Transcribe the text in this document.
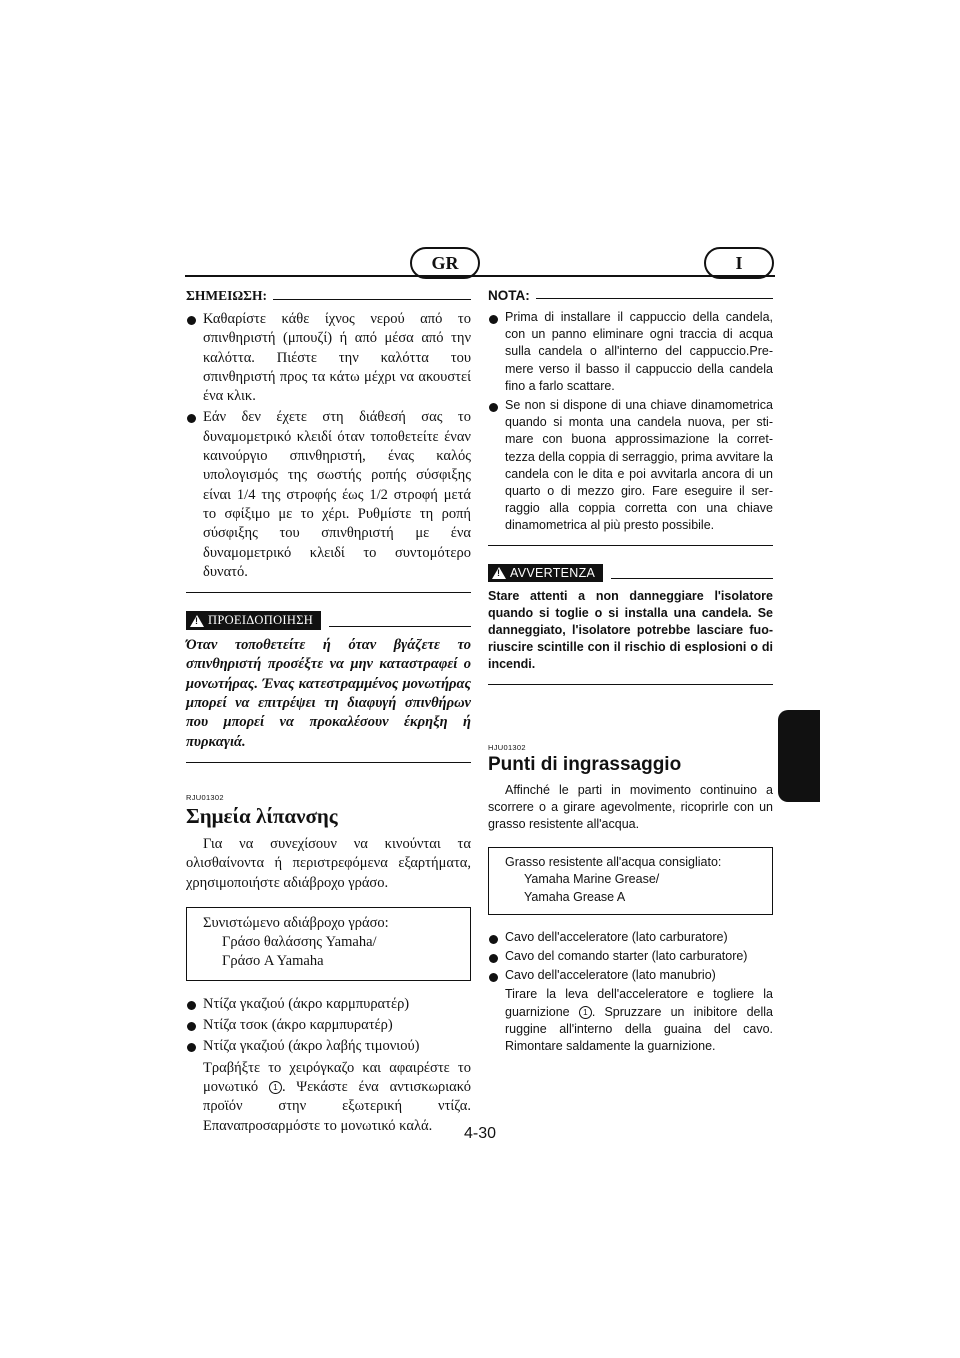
GR	I
ΣΗΜΕΙΩΣΗ:
Καθαρίστε κάθε ίχνος νερού από το σπινθηριστή (μπουζί) ή από μέσα από την καλόττα. Πιέστε την καλόττα του σπινθηριστή προς τα κάτω μέχρι να ακουστεί ένα κλικ.
Εάν δεν έχετε στη διάθεσή σας το δυναμομετρικό κλειδί όταν τοποθετείτε έναν καινούργιο σπινθηριστή, ένας καλός υπολογισμός της σωστής ροπής σύσφιξης είναι 1/4 της στροφής έως 1/2 στροφή μετά το σφίξιμο με το χέρι. Ρυθμίστε τη ροπή σύσφιξης του σπινθηριστή με ένα δυναμομετρικό κλειδί το συντομότερο δυνατό.
!
ΠΡΟΕΙΔΟΠΟΙΗΣΗ
Όταν τοποθετείτε ή όταν βγάζετε το σπινθηριστή προσέξτε να μην καταστραφεί ο μονωτήρας. Ένας κατεστραμμένος μονωτήρας μπορεί να επιτρέψει τη διαφυγή σπινθήρων που μπορεί να προκαλέσουν έκρηξη ή πυρκαγιά.
RJU01302
Σημεία λίπανσης
Για να συνεχίσουν να κινούνται τα ολισθαίνοντα ή περιστρεφόμενα εξαρτήματα, χρησιμοποιήστε αδιάβροχο γράσο.
Συνιστώμενο αδιάβροχο γράσο:
Γράσο θαλάσσης Yamaha/
Γράσο A Yamaha
Ντίζα γκαζιού (άκρο καρμπυρατέρ)
Ντίζα τσοκ (άκρο καρμπυρατέρ)
Ντίζα γκαζιού (άκρο λαβής τιμονιού)
Τραβήξτε το χειρόγκαζο και αφαιρέστε το μονωτικό 1 . Ψεκάστε ένα αντισκωριακό προϊόν στην εξωτερική ντίζα. Επαναπροσαρμόστε το μονωτικό καλά.
NOTA:
Prima di installare il cappuccio della candela, con un panno eliminare ogni traccia di acqua sulla candela o all'interno del cappuccio.Pre-mere verso il basso il cappuccio della candela fino a farlo scattare.
Se non si dispone di una chiave dinamometrica quando si monta una candela nuova, per sti-mare con buona approssimazione la corret-tezza della coppia di serraggio, prima avvitare la candela con le dita e poi avvitarla ancora di un quarto o di mezzo giro. Fare eseguire il ser-raggio alla coppia corretta con una chiave dinamometrica al più presto possibile.
!
AVVERTENZA
Stare attenti a non danneggiare l'isolatore quando si toglie o si installa una candela. Se danneggiato, l'isolatore potrebbe lasciare fuo-riuscire scintille con il rischio di esplosioni o di incendi.
HJU01302
Punti di ingrassaggio
Affinché le parti in movimento continuino a scorrere o a girare agevolmente, ricoprirle con un grasso resistente all'acqua.
Grasso resistente all'acqua consigliato:
Yamaha Marine Grease/
Yamaha Grease A
Cavo dell'acceleratore (lato carburatore)
Cavo del comando starter (lato carburatore)
Cavo dell'acceleratore (lato manubrio)
Tirare la leva dell'acceleratore e togliere la guarnizione 1 . Spruzzare un inibitore della ruggine all'interno della guaina del cavo. Rimontare saldamente la guarnizione.
4-30
